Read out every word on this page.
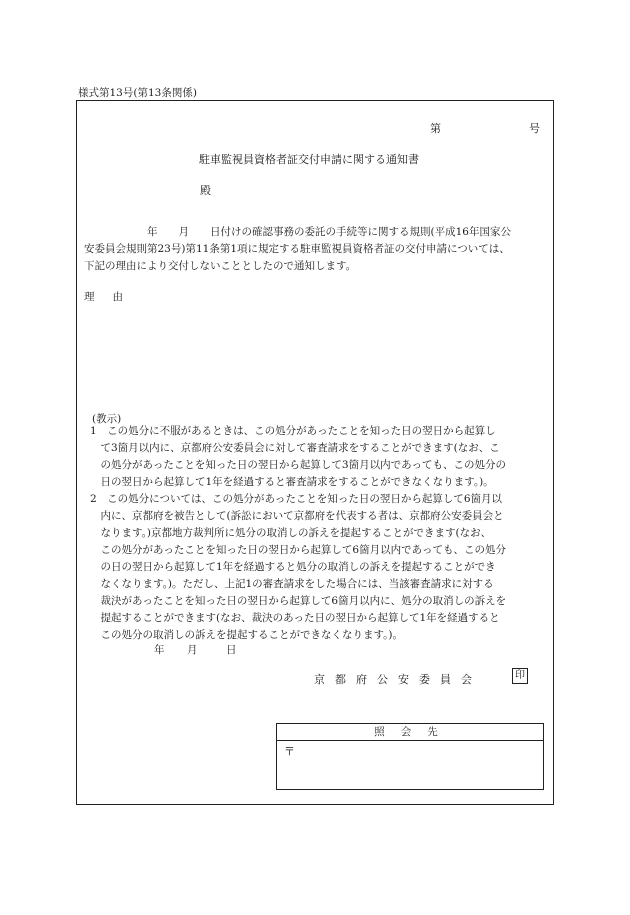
様式第13号(第13条関係)
第	号
駐車監視員資格者証交付申請に関する通知書
殿
　　　　　　年　　月　　日付けの確認事務の委託の手続等に関する規則(平成16年国家公
安委員会規則第23号)第11条第1項に規定する駐車監視員資格者証の交付申請については、
下記の理由により交付しないこととしたので通知します。
理由
(教示)
1　この処分に不服があるときは、この処分があったことを知った日の翌日から起算し
　て3箇月以内に、京都府公安委員会に対して審査請求をすることができます(なお、こ
　の処分があったことを知った日の翌日から起算して3箇月以内であっても、この処分の
　日の翌日から起算して1年を経過すると審査請求をすることができなくなります。)。
2　この処分については、この処分があったことを知った日の翌日から起算して6箇月以
　内に、京都府を被告として(訴訟において京都府を代表する者は、京都府公安委員会と
　なります。)京都地方裁判所に処分の取消しの訴えを提起することができます(なお、
　この処分があったことを知った日の翌日から起算して6箇月以内であっても、この処分
　の日の翌日から起算して1年を経過すると処分の取消しの訴えを提起することができ
　なくなります。)。ただし、上記1の審査請求をした場合には、当該審査請求に対する
　裁決があったことを知った日の翌日から起算して6箇月以内に、処分の取消しの訴えを
　提起することができます(なお、裁決のあった日の翌日から起算して1年を経過すると
　この処分の取消しの訴えを提起することができなくなります。)。
年 月	日
京都府公安委員会	印
照会先
〒
